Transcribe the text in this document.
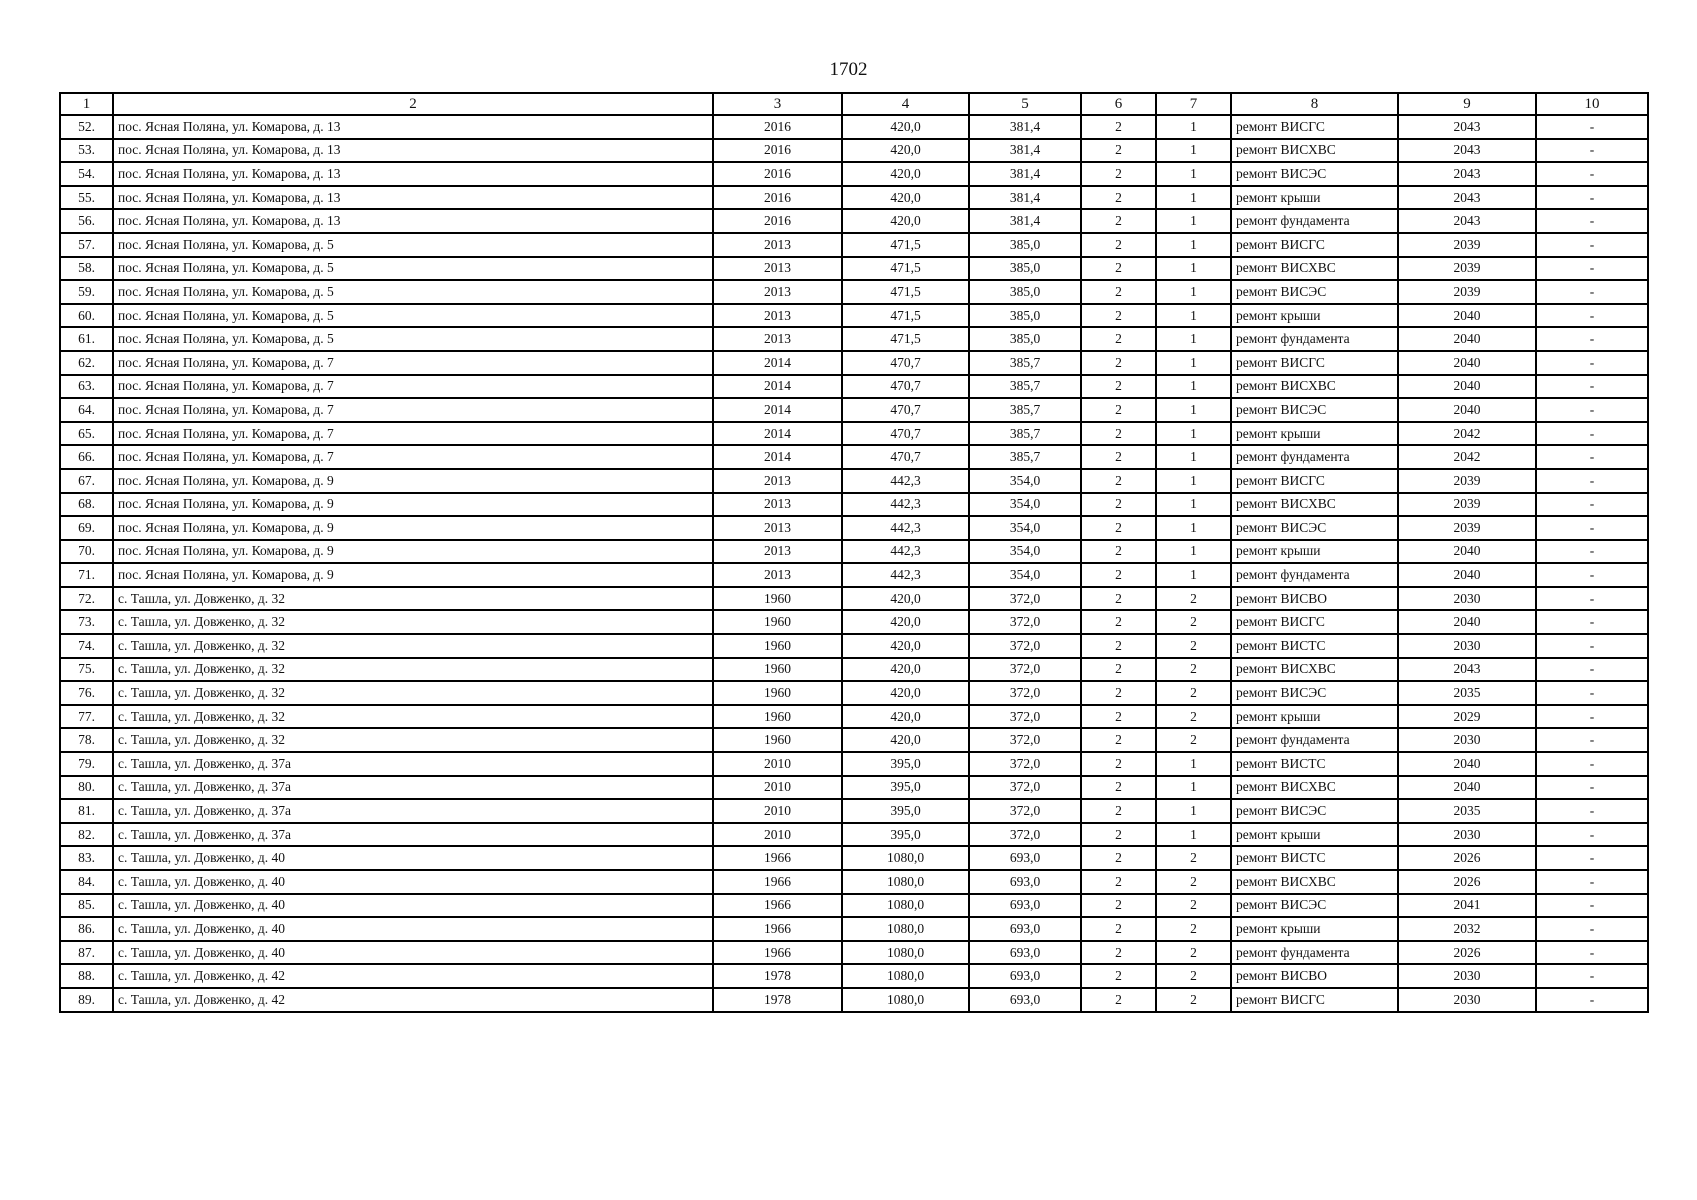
1702
1	2	3	4	5	6	7	8	9	10
52.	пос. Ясная Поляна, ул. Комарова, д. 13	2016	420,0	381,4	2	1	ремонт ВИСГС	2043	-
53.	пос. Ясная Поляна, ул. Комарова, д. 13	2016	420,0	381,4	2	1	ремонт ВИСХВС	2043	-
54.	пос. Ясная Поляна, ул. Комарова, д. 13	2016	420,0	381,4	2	1	ремонт ВИСЭС	2043	-
55.	пос. Ясная Поляна, ул. Комарова, д. 13	2016	420,0	381,4	2	1	ремонт крыши	2043	-
56.	пос. Ясная Поляна, ул. Комарова, д. 13	2016	420,0	381,4	2	1	ремонт фундамента	2043	-
57.	пос. Ясная Поляна, ул. Комарова, д. 5	2013	471,5	385,0	2	1	ремонт ВИСГС	2039	-
58.	пос. Ясная Поляна, ул. Комарова, д. 5	2013	471,5	385,0	2	1	ремонт ВИСХВС	2039	-
59.	пос. Ясная Поляна, ул. Комарова, д. 5	2013	471,5	385,0	2	1	ремонт ВИСЭС	2039	-
60.	пос. Ясная Поляна, ул. Комарова, д. 5	2013	471,5	385,0	2	1	ремонт крыши	2040	-
61.	пос. Ясная Поляна, ул. Комарова, д. 5	2013	471,5	385,0	2	1	ремонт фундамента	2040	-
62.	пос. Ясная Поляна, ул. Комарова, д. 7	2014	470,7	385,7	2	1	ремонт ВИСГС	2040	-
63.	пос. Ясная Поляна, ул. Комарова, д. 7	2014	470,7	385,7	2	1	ремонт ВИСХВС	2040	-
64.	пос. Ясная Поляна, ул. Комарова, д. 7	2014	470,7	385,7	2	1	ремонт ВИСЭС	2040	-
65.	пос. Ясная Поляна, ул. Комарова, д. 7	2014	470,7	385,7	2	1	ремонт крыши	2042	-
66.	пос. Ясная Поляна, ул. Комарова, д. 7	2014	470,7	385,7	2	1	ремонт фундамента	2042	-
67.	пос. Ясная Поляна, ул. Комарова, д. 9	2013	442,3	354,0	2	1	ремонт ВИСГС	2039	-
68.	пос. Ясная Поляна, ул. Комарова, д. 9	2013	442,3	354,0	2	1	ремонт ВИСХВС	2039	-
69.	пос. Ясная Поляна, ул. Комарова, д. 9	2013	442,3	354,0	2	1	ремонт ВИСЭС	2039	-
70.	пос. Ясная Поляна, ул. Комарова, д. 9	2013	442,3	354,0	2	1	ремонт крыши	2040	-
71.	пос. Ясная Поляна, ул. Комарова, д. 9	2013	442,3	354,0	2	1	ремонт фундамента	2040	-
72.	с. Ташла, ул. Довженко, д. 32	1960	420,0	372,0	2	2	ремонт ВИСВО	2030	-
73.	с. Ташла, ул. Довженко, д. 32	1960	420,0	372,0	2	2	ремонт ВИСГС	2040	-
74.	с. Ташла, ул. Довженко, д. 32	1960	420,0	372,0	2	2	ремонт ВИСТС	2030	-
75.	с. Ташла, ул. Довженко, д. 32	1960	420,0	372,0	2	2	ремонт ВИСХВС	2043	-
76.	с. Ташла, ул. Довженко, д. 32	1960	420,0	372,0	2	2	ремонт ВИСЭС	2035	-
77.	с. Ташла, ул. Довженко, д. 32	1960	420,0	372,0	2	2	ремонт крыши	2029	-
78.	с. Ташла, ул. Довженко, д. 32	1960	420,0	372,0	2	2	ремонт фундамента	2030	-
79.	с. Ташла, ул. Довженко, д. 37а	2010	395,0	372,0	2	1	ремонт ВИСТС	2040	-
80.	с. Ташла, ул. Довженко, д. 37а	2010	395,0	372,0	2	1	ремонт ВИСХВС	2040	-
81.	с. Ташла, ул. Довженко, д. 37а	2010	395,0	372,0	2	1	ремонт ВИСЭС	2035	-
82.	с. Ташла, ул. Довженко, д. 37а	2010	395,0	372,0	2	1	ремонт крыши	2030	-
83.	с. Ташла, ул. Довженко, д. 40	1966	1080,0	693,0	2	2	ремонт ВИСТС	2026	-
84.	с. Ташла, ул. Довженко, д. 40	1966	1080,0	693,0	2	2	ремонт ВИСХВС	2026	-
85.	с. Ташла, ул. Довженко, д. 40	1966	1080,0	693,0	2	2	ремонт ВИСЭС	2041	-
86.	с. Ташла, ул. Довженко, д. 40	1966	1080,0	693,0	2	2	ремонт крыши	2032	-
87.	с. Ташла, ул. Довженко, д. 40	1966	1080,0	693,0	2	2	ремонт фундамента	2026	-
88.	с. Ташла, ул. Довженко, д. 42	1978	1080,0	693,0	2	2	ремонт ВИСВО	2030	-
89.	с. Ташла, ул. Довженко, д. 42	1978	1080,0	693,0	2	2	ремонт ВИСГС	2030	-
